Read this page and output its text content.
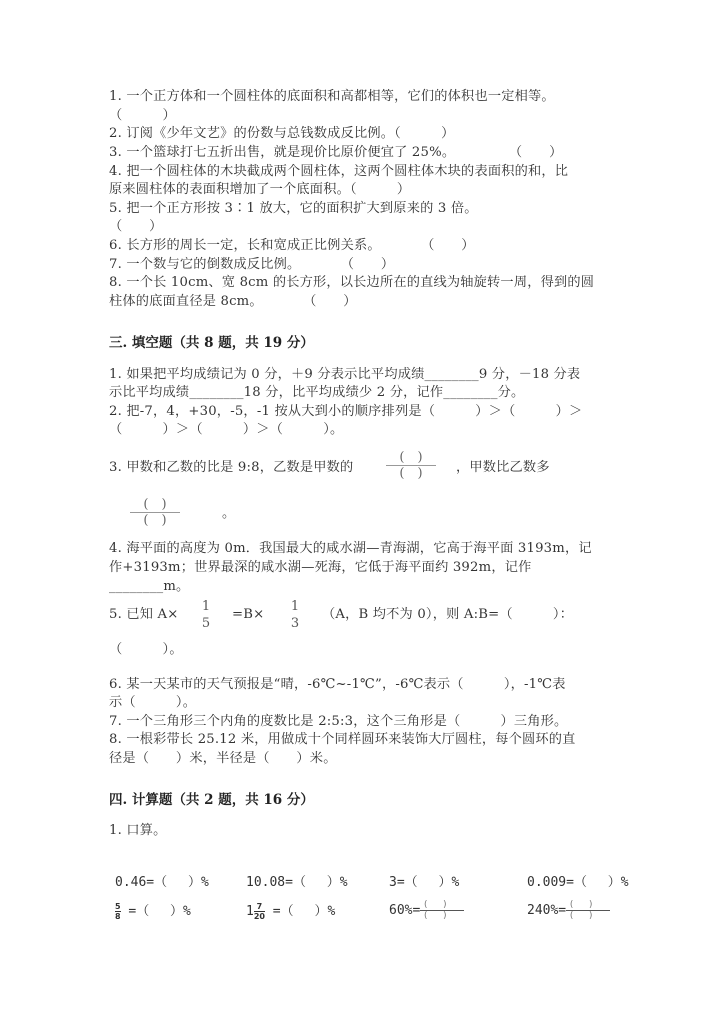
1. 一个正方体和一个圆柱体的底面积和高都相等，它们的体积也一定相等。
（　　　）
2. 订阅《少年文艺》的份数与总钱数成反比例。（　　　）
3. 一个篮球打七五折出售，就是现价比原价便宜了 25%。　　　　　（　　）
4. 把一个圆柱体的木块截成两个圆柱体，这两个圆柱体木块的表面积的和，比
原来圆柱体的表面积增加了一个底面积。（　　　）
5. 把一个正方形按 3∶1 放大，它的面积扩大到原来的 3 倍。
（　　）
6. 长方形的周长一定，长和宽成正比例关系。　　　　（　　）
7. 一个数与它的倒数成反比例。　　　　（　　）
8. 一个长 10cm、宽 8cm 的长方形，以长边所在的直线为轴旋转一周，得到的圆
柱体的底面直径是 8cm。　　　　（　　）
三. 填空题（共 8 题，共 19 分）
1. 如果把平均成绩记为 0 分，＋9 分表示比平均成绩________9 分，－18 分表
示比平均成绩________18 分，比平均成绩少 2 分，记作________分。
2. 把-7，4，+30，-5，-1 按从大到小的顺序排列是（　　　）＞（　　　）＞
（　　　）＞（　　　）＞（　　　）。
3. 甲数和乙数的比是 9:8，乙数是甲数的
(　)
(　)	，甲数比乙数多
(　)
(　)	。
4. 海平面的高度为 0m．我国最大的咸水湖—青海湖，它高于海平面 3193m，记
作+3193m；世界最深的咸水湖—死海，它低于海平面约 392m，记作
________m。
5. 已知 A×
1
5
=B×
1
3
（A，B 均不为 0），则 A:B=（　　　）：
（　　　）。
6. 某一天某市的天气预报是“晴，-6℃~-1℃”，-6℃表示（　　　），-1℃表
示（　　　）。
7. 一个三角形三个内角的度数比是 2:5:3，这个三角形是（　　　）三角形。
8. 一根彩带长 25.12 米，用做成十个同样圆环来装饰大厅圆柱，每个圆环的直
径是（　　）米，半径是（　　）米。
四. 计算题（共 2 题，共 16 分）
1. 口算。
0.46=（　 ）%	10.08=（　 ）%	3=（　 ）%	0.009=（　 ）%
$\frac{5}{8}$ =（　 ）%	$1 \frac{7}{20}$ =（　 ）%	$60\%= \frac{()}{()}$	$240\%= \frac{()}{()}$
